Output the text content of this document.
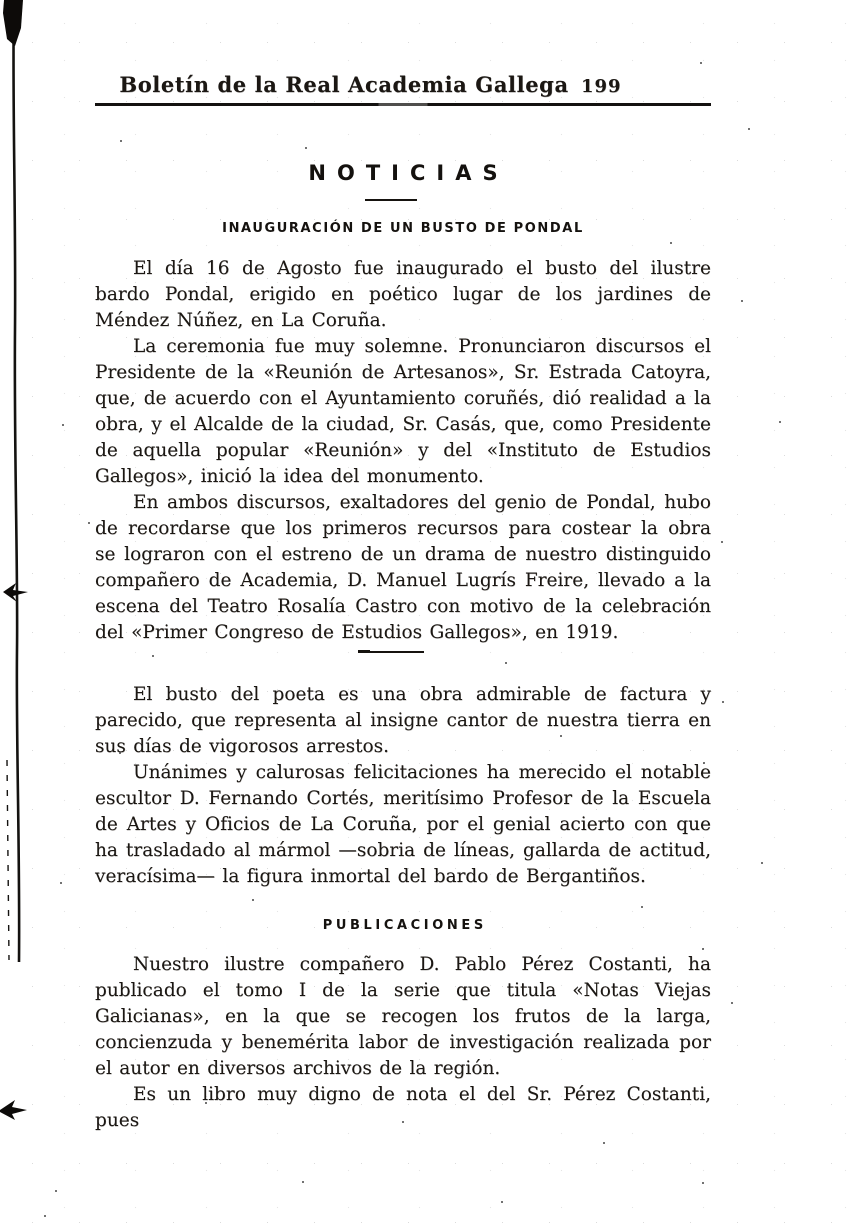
Boletín de la Real Academia Gallega 199
NOTICIAS
INAUGURACIÓN DE UN BUSTO DE PONDAL

El día 16 de Agosto fue inaugurado el busto del ilustre bardo Pondal, erigido en poético lugar de los jardines de Méndez Núñez, en La Coruña.

La ceremonia fue muy solemne. Pronunciaron discursos el Presidente de la «Reunión de Artesanos», Sr. Estrada Catoyra, que, de acuerdo con el Ayuntamiento coruñés, dió realidad a la obra, y el Alcalde de la ciudad, Sr. Casás, que, como Presidente de aquella popular «Reunión» y del «Instituto de Estudios Gallegos», inició la idea del monumento.

En ambos discursos, exaltadores del genio de Pondal, hubo de recordarse que los primeros recursos para costear la obra se lograron con el estreno de un drama de nuestro distinguido compañero de Academia, D. Manuel Lugrís Freire, llevado a la escena del Teatro Rosalía Castro con motivo de la celebración del «Primer Congreso de Estudios Gallegos», en 1919.

El busto del poeta es una obra admirable de factura y parecido, que representa al insigne cantor de nuestra tierra en sus días de vigorosos arrestos.

Unánimes y calurosas felicitaciones ha merecido el notable escultor D. Fernando Cortés, meritísimo Profesor de la Escuela de Artes y Oficios de La Coruña, por el genial acierto con que ha trasladado al mármol —sobria de líneas, gallarda de actitud, veracísima— la figura inmortal del bardo de Bergantiños.

PUBLICACIONES

Nuestro ilustre compañero D. Pablo Pérez Costanti, ha publicado el tomo I de la serie que titula «Notas Viejas Galicianas», en la que se recogen los frutos de la larga, concienzuda y benemérita labor de investigación realizada por el autor en diversos archivos de la región.

Es un libro muy digno de nota el del Sr. Pérez Costanti, pues
